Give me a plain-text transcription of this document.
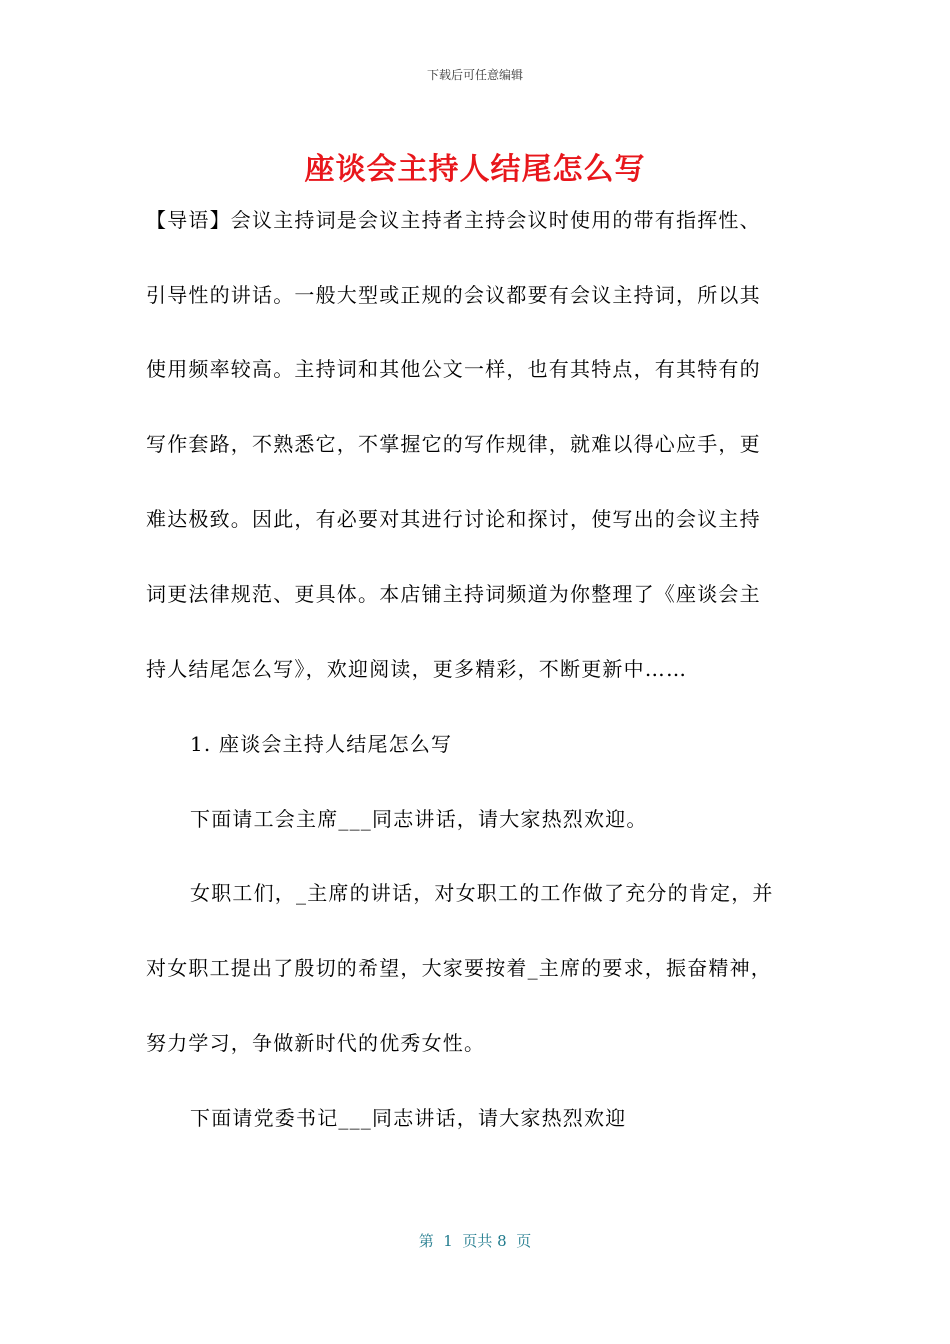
下载后可任意编辑
座谈会主持人结尾怎么写
【导语】会议主持词是会议主持者主持会议时使用的带有指挥性、
引导性的讲话。一般大型或正规的会议都要有会议主持词，所以其
使用频率较高。主持词和其他公文一样，也有其特点，有其特有的
写作套路，不熟悉它，不掌握它的写作规律，就难以得心应手，更
难达极致。因此，有必要对其进行讨论和探讨，使写出的会议主持
词更法律规范、更具体。本店铺主持词频道为你整理了《座谈会主
持人结尾怎么写》，欢迎阅读，更多精彩，不断更新中……
1. 座谈会主持人结尾怎么写
下面请工会主席___同志讲话，请大家热烈欢迎。
女职工们，_主席的讲话，对女职工的工作做了充分的肯定，并
对女职工提出了殷切的希望，大家要按着_主席的要求，振奋精神，
努力学习，争做新时代的优秀女性。
下面请党委书记___同志讲话，请大家热烈欢迎
第  1  页共 8  页
